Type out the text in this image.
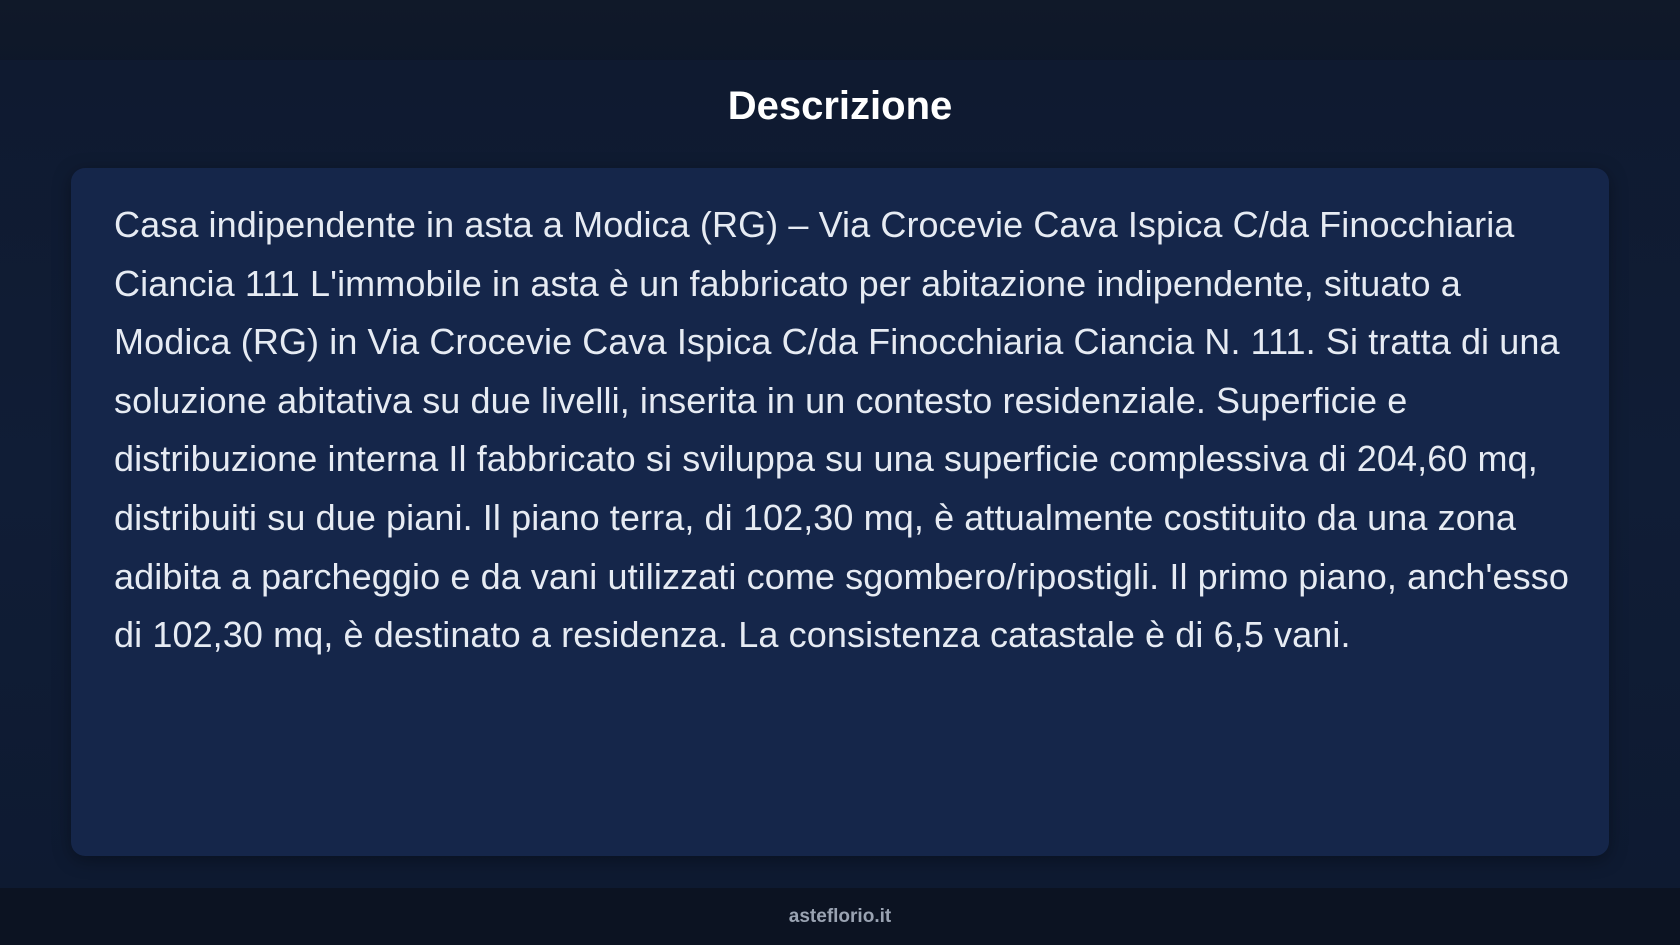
Descrizione

Casa indipendente in asta a Modica (RG) – Via Crocevie Cava Ispica C/da Finocchiaria Ciancia 111 L'immobile in asta è un fabbricato per abitazione indipendente, situato a Modica (RG) in Via Crocevie Cava Ispica C/da Finocchiaria Ciancia N. 111. Si tratta di una soluzione abitativa su due livelli, inserita in un contesto residenziale. Superficie e distribuzione interna Il fabbricato si sviluppa su una superficie complessiva di 204,60 mq, distribuiti su due piani. Il piano terra, di 102,30 mq, è attualmente costituito da una zona adibita a parcheggio e da vani utilizzati come sgombero/ripostigli. Il primo piano, anch'esso di 102,30 mq, è destinato a residenza. La consistenza catastale è di 6,5 vani.

asteflorio.it
